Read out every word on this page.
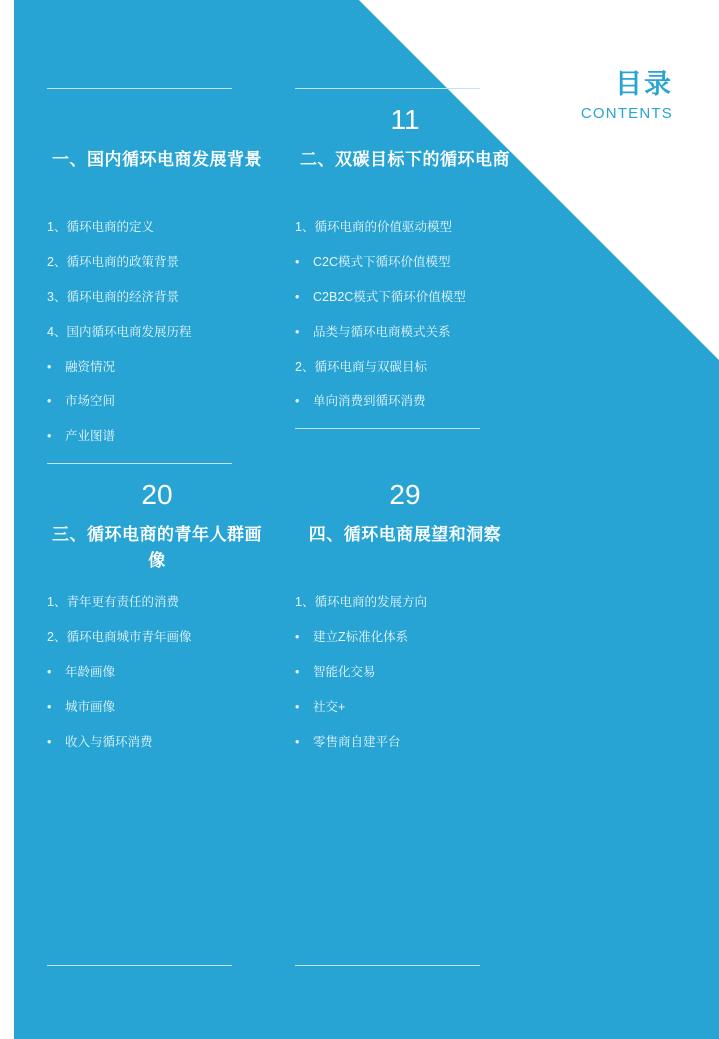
目录
CONTENTS
一、国内循环电商发展背景
1、 循环电商的定义
2、 循环电商的政策背景
3、 循环电商的经济背景
4、 国内循环电商发展历程
•	融资情况
•	市场空间
•	产业图谱
11
二、双碳目标下的循环电商
1、 循环电商的价值驱动模型
•	C2C模式下循环价值模型
•	C2B2C模式下循环价值模型
•	品类与循环电商模式关系
2、 循环电商与双碳目标
•	单向消费到循环消费
20
三、循环电商的青年人群画像
1、 青年更有责任的消费
2、 循环电商城市青年画像
•	年龄画像
•	城市画像
•	收入与循环消费
29
四、循环电商展望和洞察
1、 循环电商的发展方向
•	建立Z标准化体系
•	智能化交易
•	社交+
•	零售商自建平台
